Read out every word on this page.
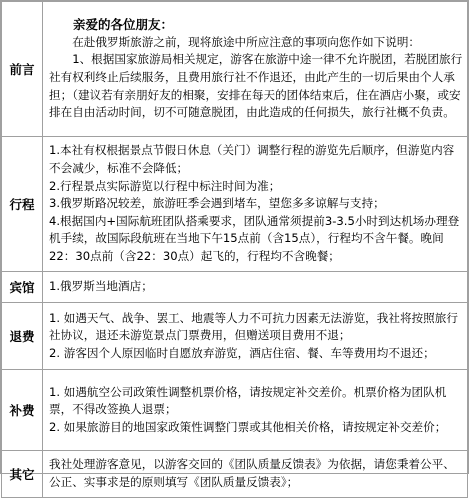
前言	亲爱的各位朋友：

在赴俄罗斯旅游之前，现将旅途中所应注意的事项向您作如下说明：

1、根据国家旅游局相关规定，游客在旅游中途一律不允许脱团，若脱团旅行社有权利终止后续服务，且费用旅行社不作退还，由此产生的一切后果由个人承担；（建议若有亲朋好友的相聚，安排在每天的团体结束后，住在酒店小聚，或安排在自由活动时间，切不可随意脱团，由此造成的任何损失，旅行社概不负责。

行程	1.本社有权根据景点节假日休息（关门）调整行程的游览先后顺序，但游览内容不会减少，标准不会降低；

2.行程景点实际游览以行程中标注时间为准；

3.俄罗斯路况较差，旅游旺季会遇到堵车，望您多多谅解与支持；

4.根据国内+国际航班团队搭乘要求，团队通常须提前3-3.5小时到达机场办理登机手续，故国际段航班在当地下午15点前（含15点），行程均不含午餐。晚间22：30点前（含22：30点）起飞的，行程均不含晚餐；

宾馆	1.俄罗斯当地酒店；

退费	1. 如遇天气、战争、罢工、地震等人力不可抗力因素无法游览，我社将按照旅行社协议，退还未游览景点门票费用，但赠送项目费用不退；

2. 游客因个人原因临时自愿放弃游览，酒店住宿、餐、车等费用均不退还；

补费	1. 如遇航空公司政策性调整机票价格，请按规定补交差价。机票价格为团队机票，不得改签换人退票；

2. 如果旅游目的地国家政策性调整门票或其他相关价格，请按规定补交差价；

其它	我社处理游客意见，以游客交回的《团队质量反馈表》为依据，请您秉着公平、公正、实事求是的原则填写《团队质量反馈表》；
